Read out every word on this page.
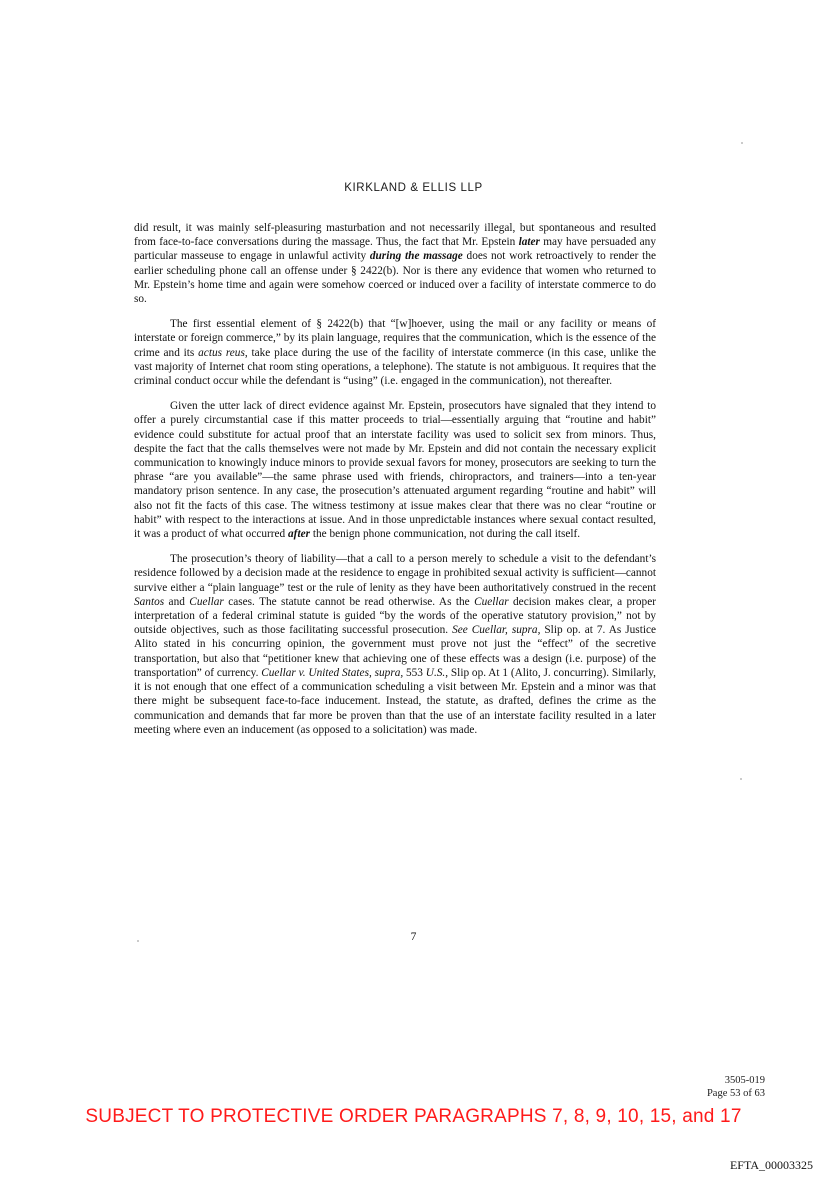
KIRKLAND & ELLIS LLP

did result, it was mainly self-pleasuring masturbation and not necessarily illegal, but spontaneous and resulted from face-to-face conversations during the massage. Thus, the fact that Mr. Epstein later may have persuaded any particular masseuse to engage in unlawful activity during the massage does not work retroactively to render the earlier scheduling phone call an offense under § 2422(b). Nor is there any evidence that women who returned to Mr. Epstein’s home time and again were somehow coerced or induced over a facility of interstate commerce to do so.

The first essential element of § 2422(b) that “[w]hoever, using the mail or any facility or means of interstate or foreign commerce,” by its plain language, requires that the communication, which is the essence of the crime and its actus reus, take place during the use of the facility of interstate commerce (in this case, unlike the vast majority of Internet chat room sting operations, a telephone). The statute is not ambiguous. It requires that the criminal conduct occur while the defendant is “using” (i.e. engaged in the communication), not thereafter.

Given the utter lack of direct evidence against Mr. Epstein, prosecutors have signaled that they intend to offer a purely circumstantial case if this matter proceeds to trial—essentially arguing that “routine and habit” evidence could substitute for actual proof that an interstate facility was used to solicit sex from minors. Thus, despite the fact that the calls themselves were not made by Mr. Epstein and did not contain the necessary explicit communication to knowingly induce minors to provide sexual favors for money, prosecutors are seeking to turn the phrase “are you available”—the same phrase used with friends, chiropractors, and trainers—into a ten-year mandatory prison sentence. In any case, the prosecution’s attenuated argument regarding “routine and habit” will also not fit the facts of this case. The witness testimony at issue makes clear that there was no clear “routine or habit” with respect to the interactions at issue. And in those unpredictable instances where sexual contact resulted, it was a product of what occurred after the benign phone communication, not during the call itself.

The prosecution’s theory of liability—that a call to a person merely to schedule a visit to the defendant’s residence followed by a decision made at the residence to engage in prohibited sexual activity is sufficient—cannot survive either a “plain language” test or the rule of lenity as they have been authoritatively construed in the recent Santos and Cuellar cases. The statute cannot be read otherwise. As the Cuellar decision makes clear, a proper interpretation of a federal criminal statute is guided “by the words of the operative statutory provision,” not by outside objectives, such as those facilitating successful prosecution. See Cuellar, supra, Slip op. at 7. As Justice Alito stated in his concurring opinion, the government must prove not just the “effect” of the secretive transportation, but also that “petitioner knew that achieving one of these effects was a design (i.e. purpose) of the transportation” of currency. Cuellar v. United States, supra, 553 U.S., Slip op. At 1 (Alito, J. concurring). Similarly, it is not enough that one effect of a communication scheduling a visit between Mr. Epstein and a minor was that there might be subsequent face-to-face inducement. Instead, the statute, as drafted, defines the crime as the communication and demands that far more be proven than that the use of an interstate facility resulted in a later meeting where even an inducement (as opposed to a solicitation) was made.

7
3505-019
Page 53 of 63
SUBJECT TO PROTECTIVE ORDER PARAGRAPHS 7, 8, 9, 10, 15, and 17
EFTA_00003325
